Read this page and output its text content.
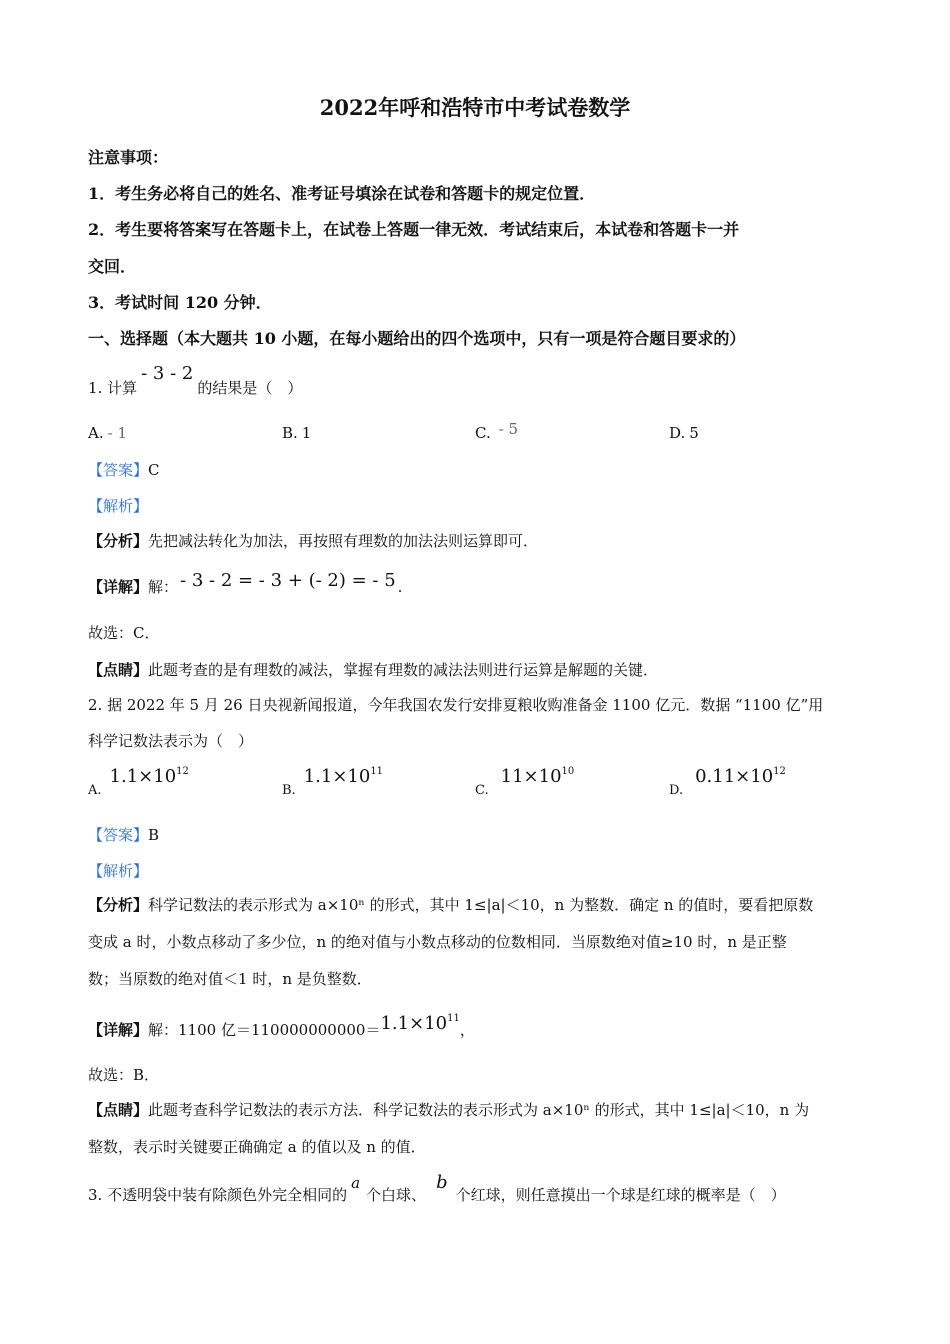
2022年呼和浩特市中考试卷数学
注意事项：
1．考生务必将自己的姓名、准考证号填涂在试卷和答题卡的规定位置．
2．考生要将答案写在答题卡上，在试卷上答题一律无效．考试结束后，本试卷和答题卡一并
交回．
3．考试时间 120 分钟．
一、选择题（本大题共 10 小题，在每小题给出的四个选项中，只有一项是符合题目要求的）
1. 计算- 3 - 2的结果是（　）
A. - 1	B. 1	C. - 5	D. 5
【答案】C
【解析】
【分析】先把减法转化为加法，再按照有理数的加法法则运算即可．
【详解】解： - 3 - 2 = - 3 + (- 2) = - 5 .
故选：C．
【点睛】此题考查的是有理数的减法，掌握有理数的减法法则进行运算是解题的关键．
2. 据 2022 年 5 月 26 日央视新闻报道，今年我国农发行安排夏粮收购准备金 1100 亿元．数据 “1100 亿”用
科学记数法表示为（　）
$A.1.1\times 10^{12}$
$B.1.1\times 10^{11}$
$C.11\times 10^{10}$
$D.0.11\times 10^{12}$
【答案】B
【解析】
【分析】科学记数法的表示形式为 a×10ⁿ 的形式，其中 1≤|a|＜10，n 为整数．确定 n 的值时，要看把原数
变成 a 时，小数点移动了多少位，n 的绝对值与小数点移动的位数相同．当原数绝对值≥10 时，n 是正整
数；当原数的绝对值＜1 时，n 是负整数．
【详解】解：1100 亿$=110000000000=1.1\times 10^{11}$，
故选：B．
【点睛】此题考查科学记数法的表示方法．科学记数法的表示形式为 a×10ⁿ 的形式，其中 1≤|a|＜10，n 为
整数，表示时关键要正确确定 a 的值以及 n 的值．
3. 不透明袋中装有除颜色外完全相同的a个白球、b个红球，则任意摸出一个球是红球的概率是（　）
